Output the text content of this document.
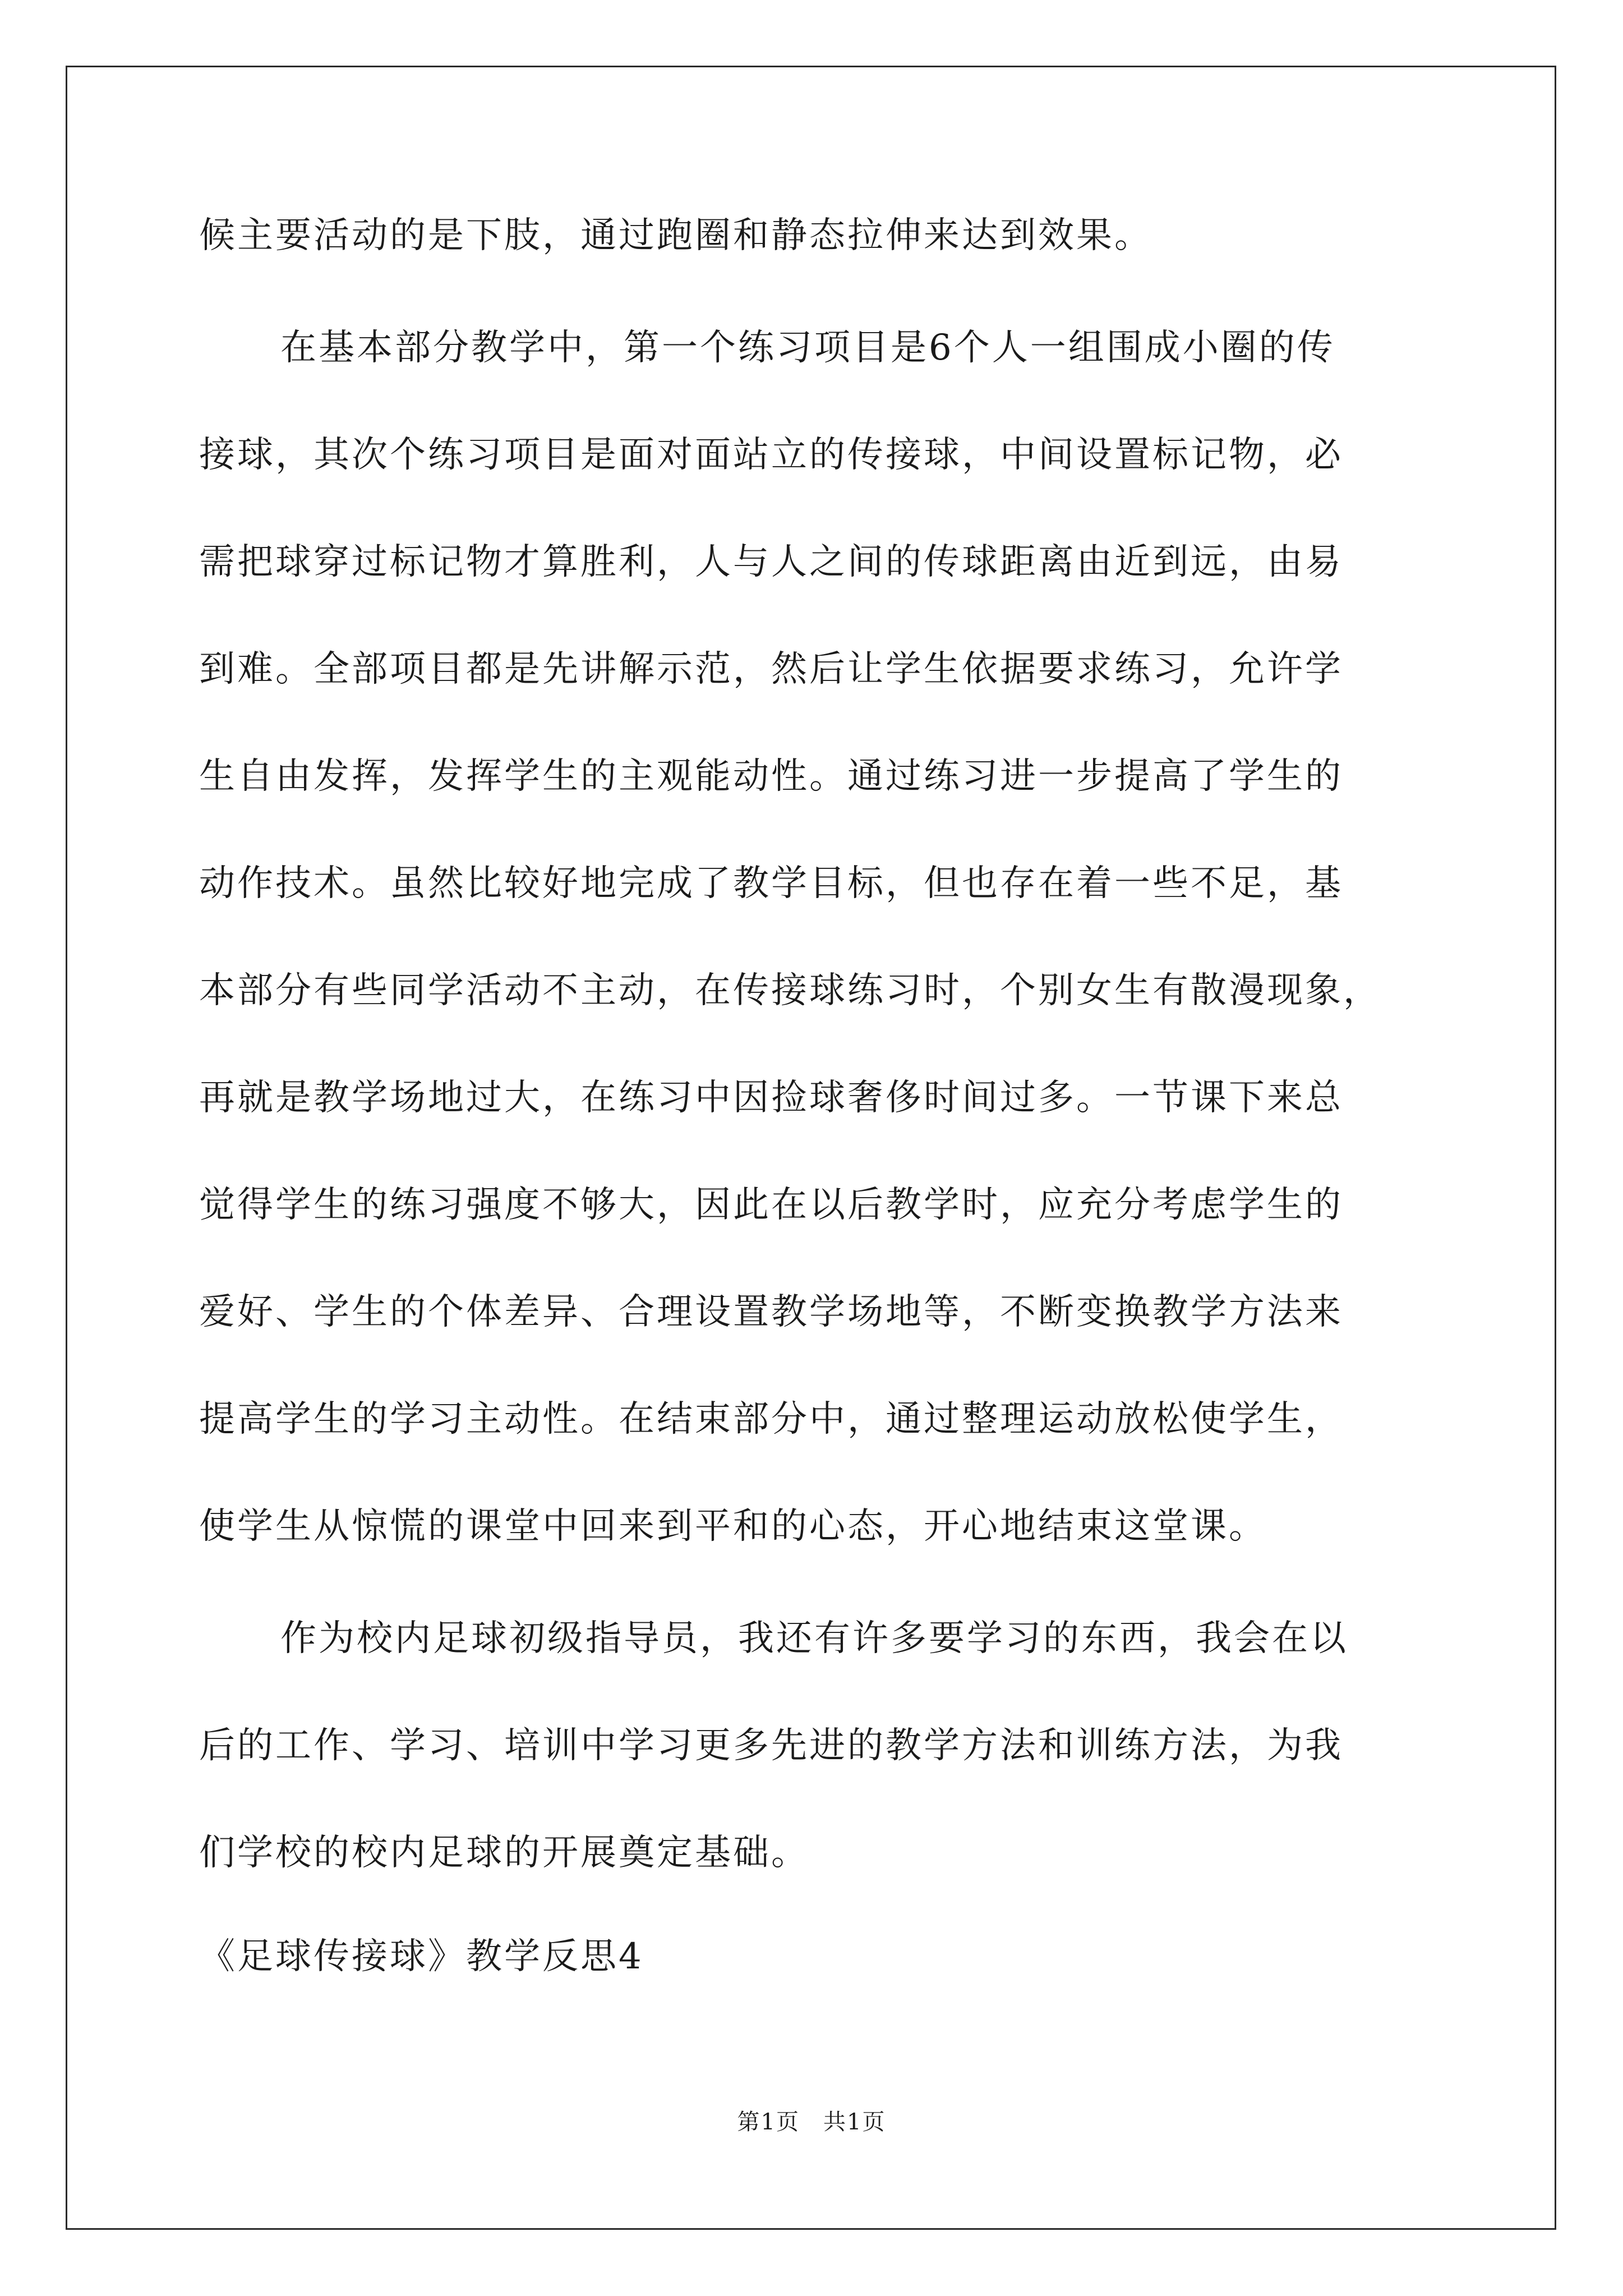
候主要活动的是下肢，通过跑圈和静态拉伸来达到效果。
在基本部分教学中，第一个练习项目是6个人一组围成小圈的传
接球，其次个练习项目是面对面站立的传接球，中间设置标记物，必
需把球穿过标记物才算胜利，人与人之间的传球距离由近到远，由易
到难。全部项目都是先讲解示范，然后让学生依据要求练习，允许学
生自由发挥，发挥学生的主观能动性。通过练习进一步提高了学生的
动作技术。虽然比较好地完成了教学目标，但也存在着一些不足，基
本部分有些同学活动不主动，在传接球练习时，个别女生有散漫现象，
再就是教学场地过大，在练习中因捡球奢侈时间过多。一节课下来总
觉得学生的练习强度不够大，因此在以后教学时，应充分考虑学生的
爱好、学生的个体差异、合理设置教学场地等，不断变换教学方法来
提高学生的学习主动性。在结束部分中，通过整理运动放松使学生，
使学生从惊慌的课堂中回来到平和的心态，开心地结束这堂课。
作为校内足球初级指导员，我还有许多要学习的东西，我会在以
后的工作、学习、培训中学习更多先进的教学方法和训练方法，为我
们学校的校内足球的开展奠定基础。
《足球传接球》教学反思4
第1页　共1页
